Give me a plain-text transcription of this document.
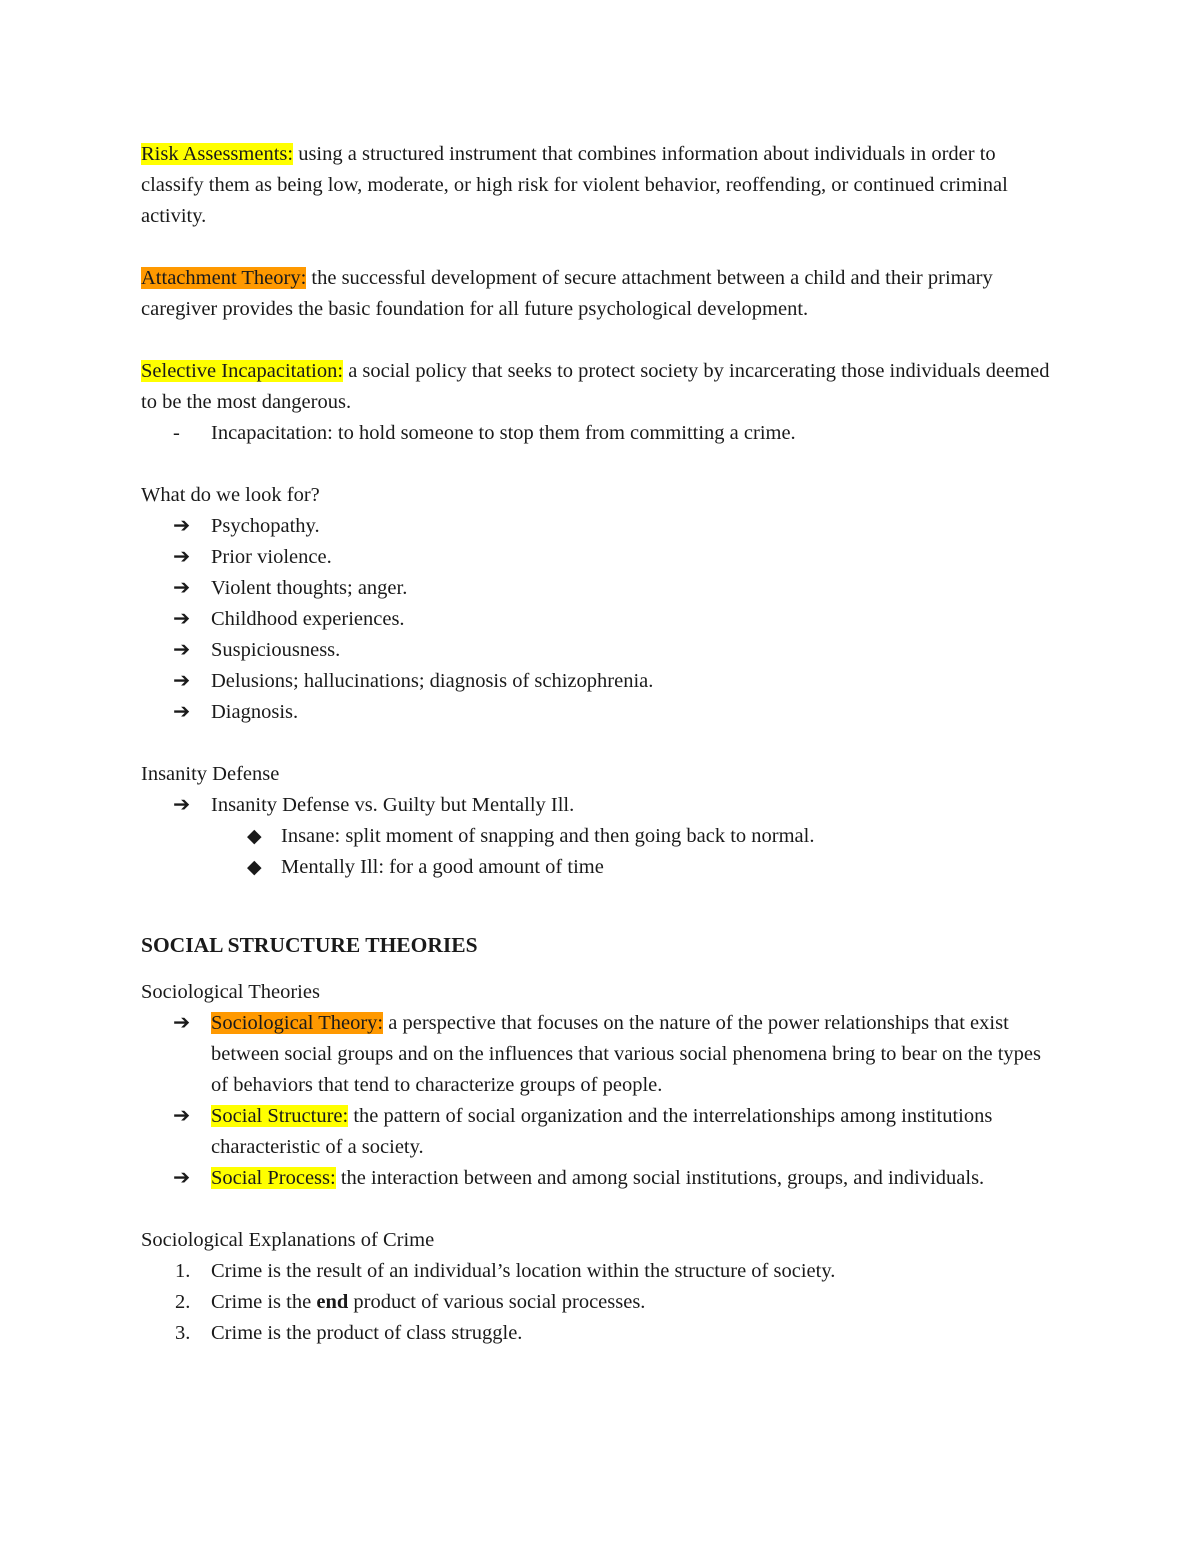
Risk Assessments: using a structured instrument that combines information about individuals in order to classify them as being low, moderate, or high risk for violent behavior, reoffending, or continued criminal activity.

Attachment Theory: the successful development of secure attachment between a child and their primary caregiver provides the basic foundation for all future psychological development.

Selective Incapacitation: a social policy that seeks to protect society by incarcerating those individuals deemed to be the most dangerous.

- Incapacitation: to hold someone to stop them from committing a crime.

What do we look for?

➔ Psychopathy.
➔ Prior violence.
➔ Violent thoughts; anger.
➔ Childhood experiences.
➔ Suspiciousness.
➔ Delusions; hallucinations; diagnosis of schizophrenia.
➔ Diagnosis.

Insanity Defense

➔ Insanity Defense vs. Guilty but Mentally Ill.
◆ Insane: split moment of snapping and then going back to normal.
◆ Mentally Ill: for a good amount of time

SOCIAL STRUCTURE THEORIES

Sociological Theories

➔ Sociological Theory: a perspective that focuses on the nature of the power relationships that exist between social groups and on the influences that various social phenomena bring to bear on the types of behaviors that tend to characterize groups of people.
➔ Social Structure: the pattern of social organization and the interrelationships among institutions characteristic of a society.
➔ Social Process: the interaction between and among social institutions, groups, and individuals.

Sociological Explanations of Crime

1. Crime is the result of an individual’s location within the structure of society.
2. Crime is the end product of various social processes.
3. Crime is the product of class struggle.
